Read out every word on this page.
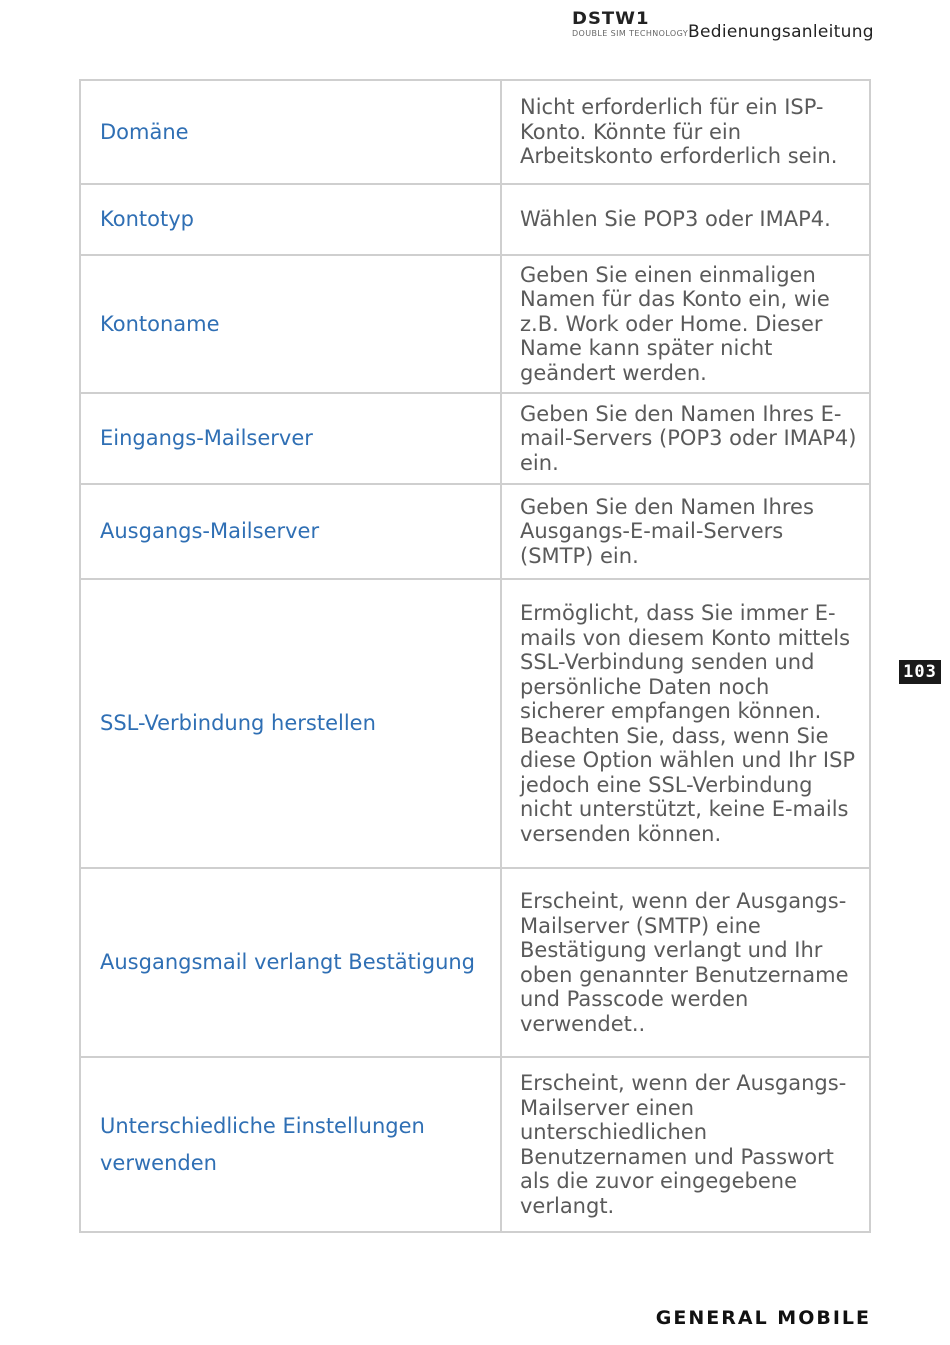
DSTW1
DOUBLE SIM TECHNOLOGY Bedienungsanleitung
Domäne	Nicht erforderlich für ein ISP-Konto. Könnte für ein Arbeitskonto erforderlich sein.
Kontotyp	Wählen Sie POP3 oder IMAP4.
Kontoname	Geben Sie einen einmaligen Namen für das Konto ein, wie z.B. Work oder Home. Dieser Name kann später nicht geändert werden.
Eingangs-Mailserver	Geben Sie den Namen Ihres E-mail-Servers (POP3 oder IMAP4) ein.
Ausgangs-Mailserver	Geben Sie den Namen Ihres Ausgangs-E-mail-Servers (SMTP) ein.
SSL-Verbindung herstellen	Ermöglicht, dass Sie immer E-mails von diesem Konto mittels SSL-Verbindung senden und persönliche Daten noch sicherer empfangen können. Beachten Sie, dass, wenn Sie diese Option wählen und Ihr ISP jedoch eine SSL-Verbindung nicht unterstützt, keine E-mails versenden können.
Ausgangsmail verlangt Bestätigung	Erscheint, wenn der Ausgangs-Mailserver (SMTP) eine Bestätigung verlangt und Ihr oben genannter Benutzername und Passcode werden verwendet..
Unterschiedliche Einstellungen verwenden	Erscheint, wenn der Ausgangs-Mailserver einen unterschiedlichen Benutzernamen und Passwort als die zuvor eingegebene verlangt.
103
GENERAL MOBILE
